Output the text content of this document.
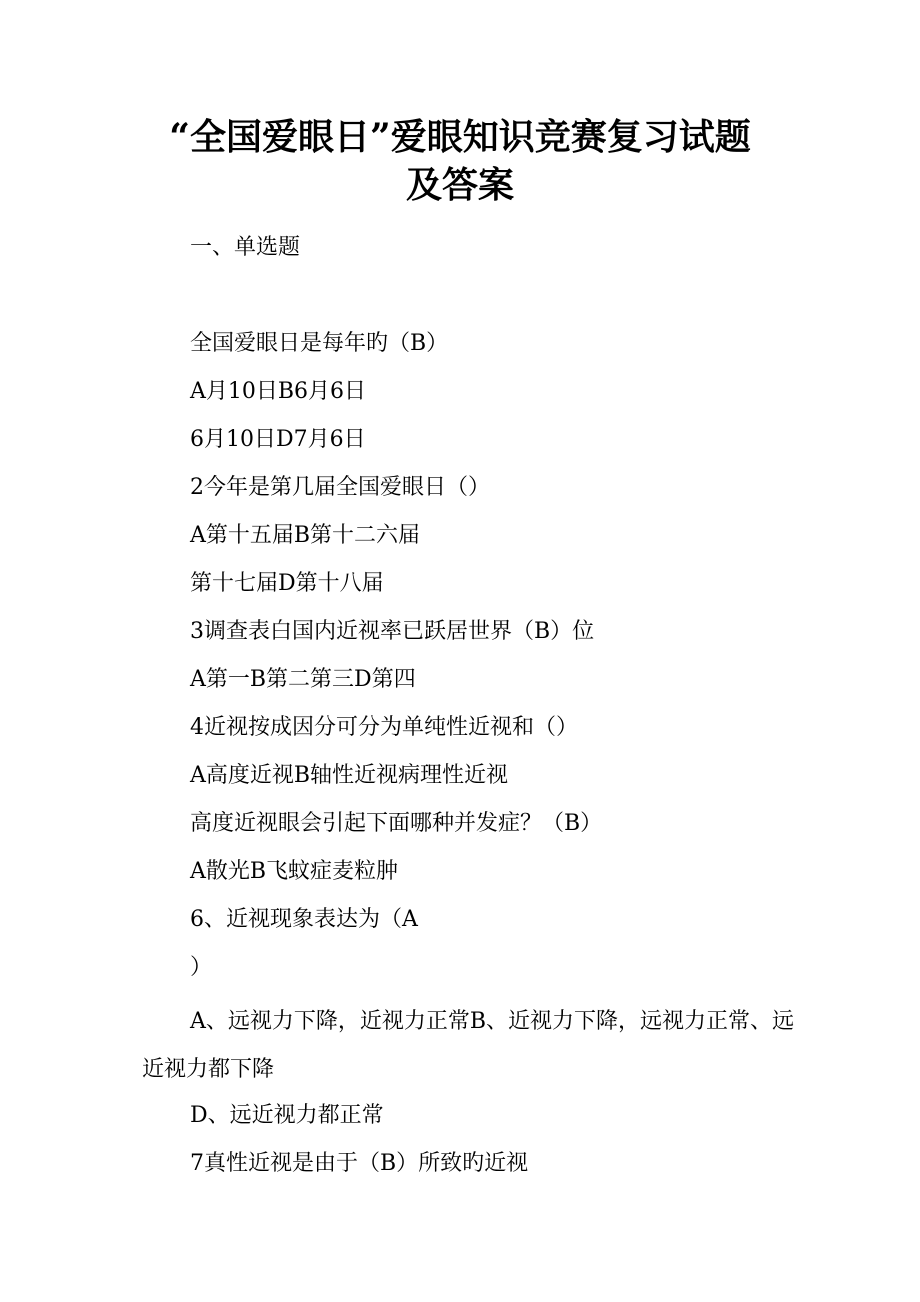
“全国爱眼日”爱眼知识竞赛复习试题
及答案

一、单选题

全国爱眼日是每年旳（B）

A月10日B6月6日

6月10日D7月6日

2今年是第几届全国爱眼日（）

A第十五届B第十二六届

第十七届D第十八届

3调查表白国内近视率已跃居世界（B）位

A第一B第二第三D第四

4近视按成因分可分为单纯性近视和（）

A高度近视B轴性近视病理性近视

高度近视眼会引起下面哪种并发症？（B）

A散光B飞蚊症麦粒肿

6、近视现象表达为（A

）

A、远视力下降，近视力正常B、近视力下降，远视力正常、远近视力都下降

D、远近视力都正常

7真性近视是由于（B）所致旳近视
